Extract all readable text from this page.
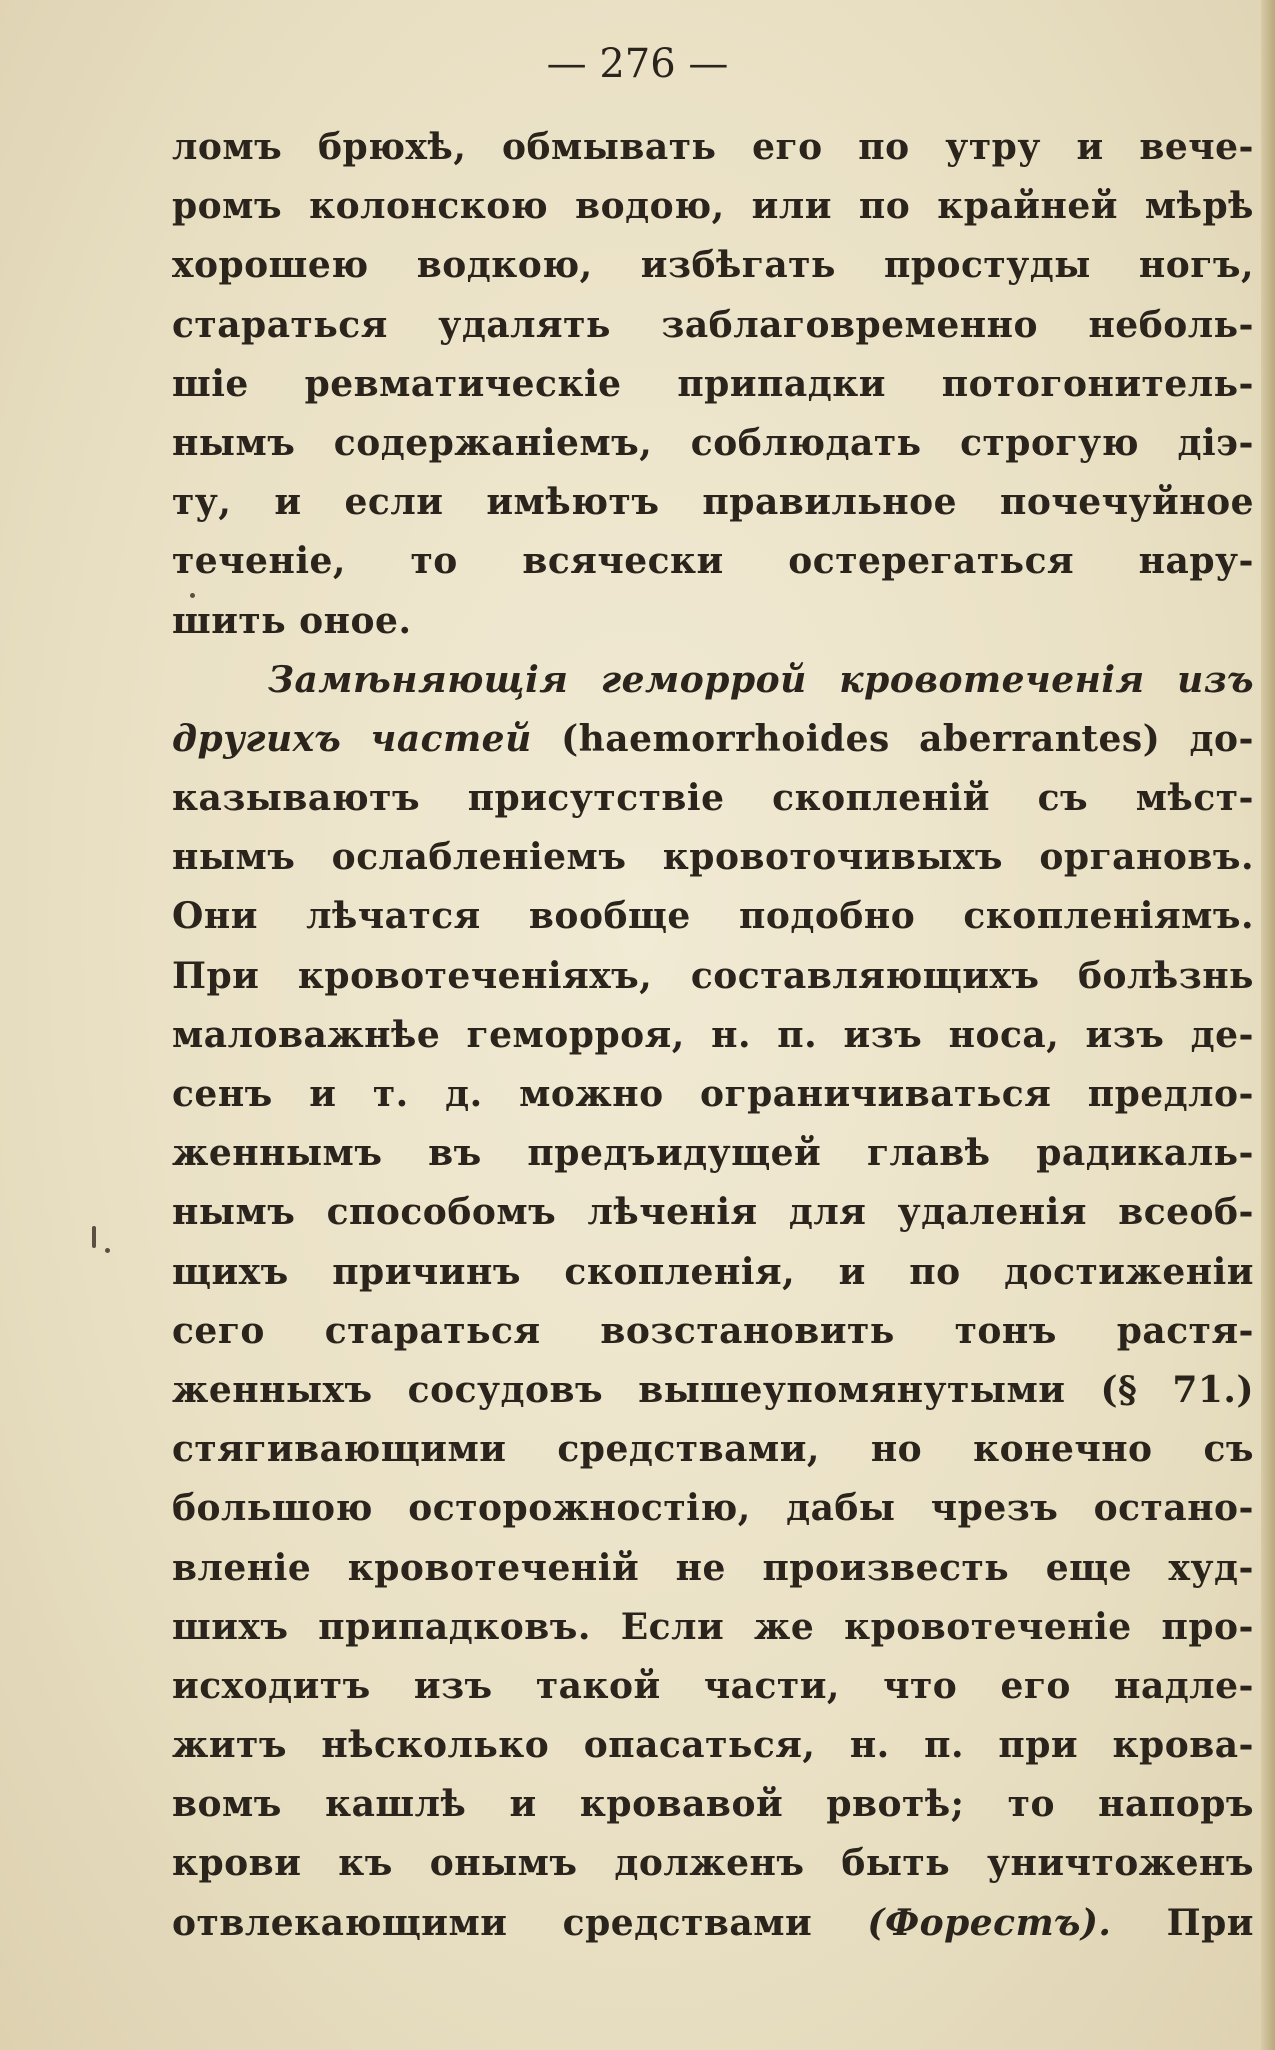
— 276 —
ломъ брюхѣ, обмывать его по утру и вече-
ромъ колонскою водою, или по крайней мѣрѣ
хорошею водкою, избѣгать простуды ногъ,
стараться удалять заблаговременно неболь-
шіе ревматическіе припадки потогонитель-
нымъ содержаніемъ, соблюдать строгую діэ-
ту, и если имѣютъ правильное почечуйное
теченіе, то всячески остерегаться нару-
шить оное.
Замѣняющія геморрой кровотеченія изъ
другихъ частей (haemorrhoides aberrantes) до-
казываютъ присутствіе скопленій съ мѣст-
нымъ ослабленіемъ кровоточивыхъ органовъ.
Они лѣчатся вообще подобно скопленіямъ.
При кровотеченіяхъ, составляющихъ болѣзнь
маловажнѣе геморроя, н. п. изъ носа, изъ де-
сенъ и т. д. можно ограничиваться предло-
женнымъ въ предъидущей главѣ радикаль-
нымъ способомъ лѣченія для удаленія всеоб-
щихъ причинъ скопленія, и по достиженіи
сего стараться возстановить тонъ растя-
женныхъ сосудовъ вышеупомянутыми (§ 71.)
стягивающими средствами, но конечно съ
большою осторожностію, дабы чрезъ остано-
вленіе кровотеченій не произвесть еще худ-
шихъ припадковъ. Если же кровотеченіе про-
исходитъ изъ такой части, что его надле-
житъ нѣсколько опасаться, н. п. при крова-
вомъ кашлѣ и кровавой рвотѣ; то напоръ
крови къ онымъ долженъ быть уничтоженъ
отвлекающими средствами (Форестъ). При
